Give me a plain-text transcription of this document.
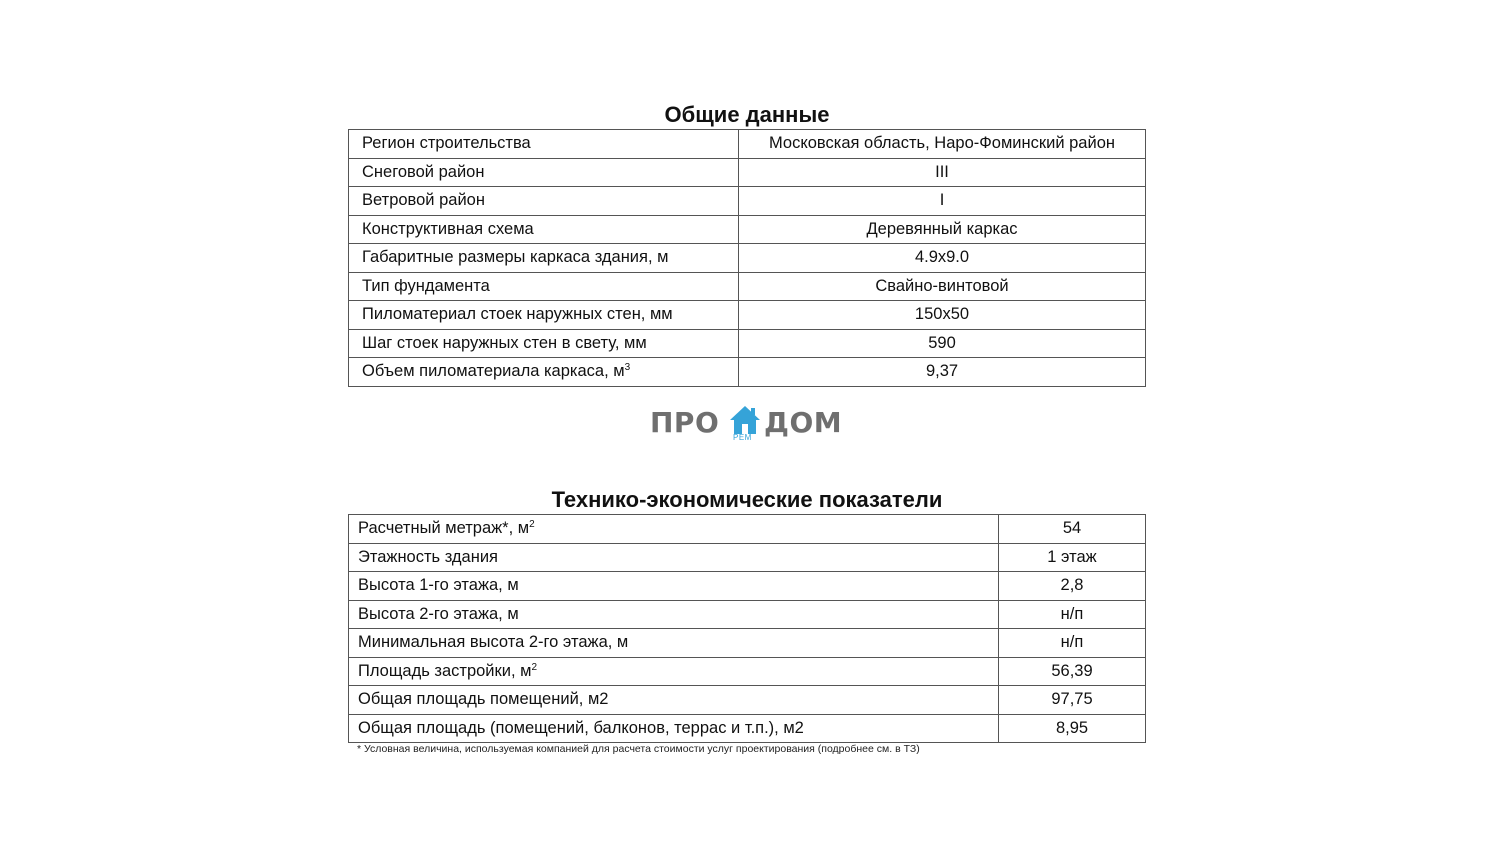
Общие данные
Регион строительства	Московская область, Наро-Фоминский район
Снеговой район	III
Ветровой район	I
Конструктивная схема	Деревянный каркас
Габаритные размеры каркаса здания, м	4.9x9.0
Тип фундамента	Свайно-винтовой
Пиломатериал стоек наружных стен, мм	150x50
Шаг стоек наружных стен в свету, мм	590
Объем пиломатериала каркаса, $м^3$	9,37
ПРО РЕМ ДОМ
Технико-экономические показатели
Расчетный метраж*, $м^2$	54
Этажность здания	1 этаж
Высота 1-го этажа, м	2,8
Высота 2-го этажа, м	н/п
Минимальная высота 2-го этажа, м	н/п
Площадь застройки, $м^2$	56,39
Общая площадь помещений, м2	97,75
Общая площадь (помещений, балконов, террас и т.п.), м2	8,95

* Условная величина, используемая компанией для расчета стоимости услуг проектирования (подробнее см. в ТЗ)
